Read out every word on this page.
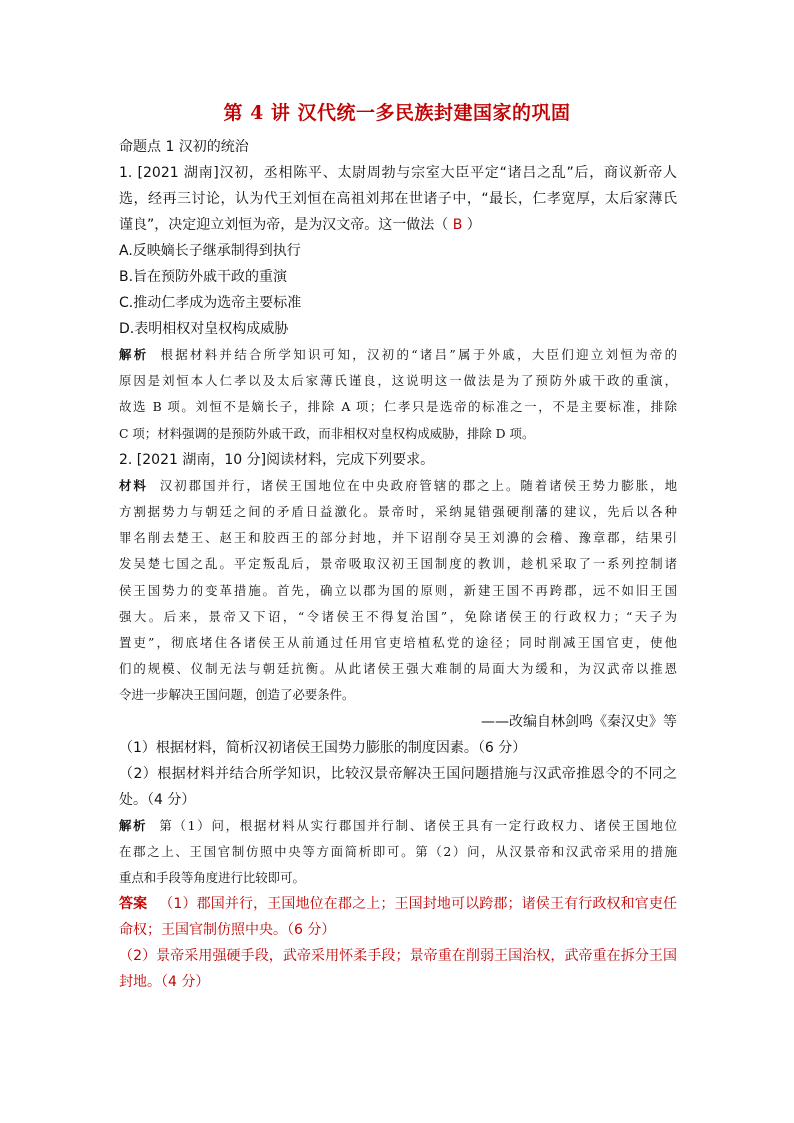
第 4 讲 汉代统一多民族封建国家的巩固
命题点 1 汉初的统治
1. [2021 湖南]汉初，丞相陈平、太尉周勃与宗室大臣平定“诸吕之乱”后，商议新帝人
选，经再三讨论，认为代王刘恒在高祖刘邦在世诸子中，“最长，仁孝宽厚，太后家薄氏
谨良”，决定迎立刘恒为帝，是为汉文帝。这一做法（ B ）
A.反映嫡长子继承制得到执行
B.旨在预防外戚干政的重演
C.推动仁孝成为选帝主要标准
D.表明相权对皇权构成威胁
解析 根据材料并结合所学知识可知，汉初的“诸吕”属于外戚，大臣们迎立刘恒为帝的
原因是刘恒本人仁孝以及太后家薄氏谨良，这说明这一做法是为了预防外戚干政的重演，
故选 B 项。刘恒不是嫡长子，排除 A 项；仁孝只是选帝的标准之一，不是主要标准，排除
C 项；材料强调的是预防外戚干政，而非相权对皇权构成威胁，排除 D 项。
2. [2021 湖南，10 分]阅读材料，完成下列要求。
材料 汉初郡国并行，诸侯王国地位在中央政府管辖的郡之上。随着诸侯王势力膨胀，地
方割据势力与朝廷之间的矛盾日益激化。景帝时，采纳晁错强硬削藩的建议，先后以各种
罪名削去楚王、赵王和胶西王的部分封地，并下诏削夺吴王刘濞的会稽、豫章郡，结果引
发吴楚七国之乱。平定叛乱后，景帝吸取汉初王国制度的教训，趁机采取了一系列控制诸
侯王国势力的变革措施。首先，确立以郡为国的原则，新建王国不再跨郡，远不如旧王国
强大。后来，景帝又下诏，“令诸侯王不得复治国”，免除诸侯王的行政权力；“天子为
置吏”，彻底堵住各诸侯王从前通过任用官吏培植私党的途径；同时削减王国官吏，使他
们的规模、仪制无法与朝廷抗衡。从此诸侯王强大难制的局面大为缓和，为汉武帝以推恩
令进一步解决王国问题，创造了必要条件。
——改编自林剑鸣《秦汉史》等
（1）根据材料，简析汉初诸侯王国势力膨胀的制度因素。（6 分）
（2）根据材料并结合所学知识，比较汉景帝解决王国问题措施与汉武帝推恩令的不同之
处。（4 分）
解析 第（1）问，根据材料从实行郡国并行制、诸侯王具有一定行政权力、诸侯王国地位
在郡之上、王国官制仿照中央等方面简析即可。第（2）问，从汉景帝和汉武帝采用的措施
重点和手段等角度进行比较即可。
答案 （1）郡国并行，王国地位在郡之上；王国封地可以跨郡；诸侯王有行政权和官吏任
命权；王国官制仿照中央。（6 分）
（2）景帝采用强硬手段，武帝采用怀柔手段；景帝重在削弱王国治权，武帝重在拆分王国
封地。（4 分）
